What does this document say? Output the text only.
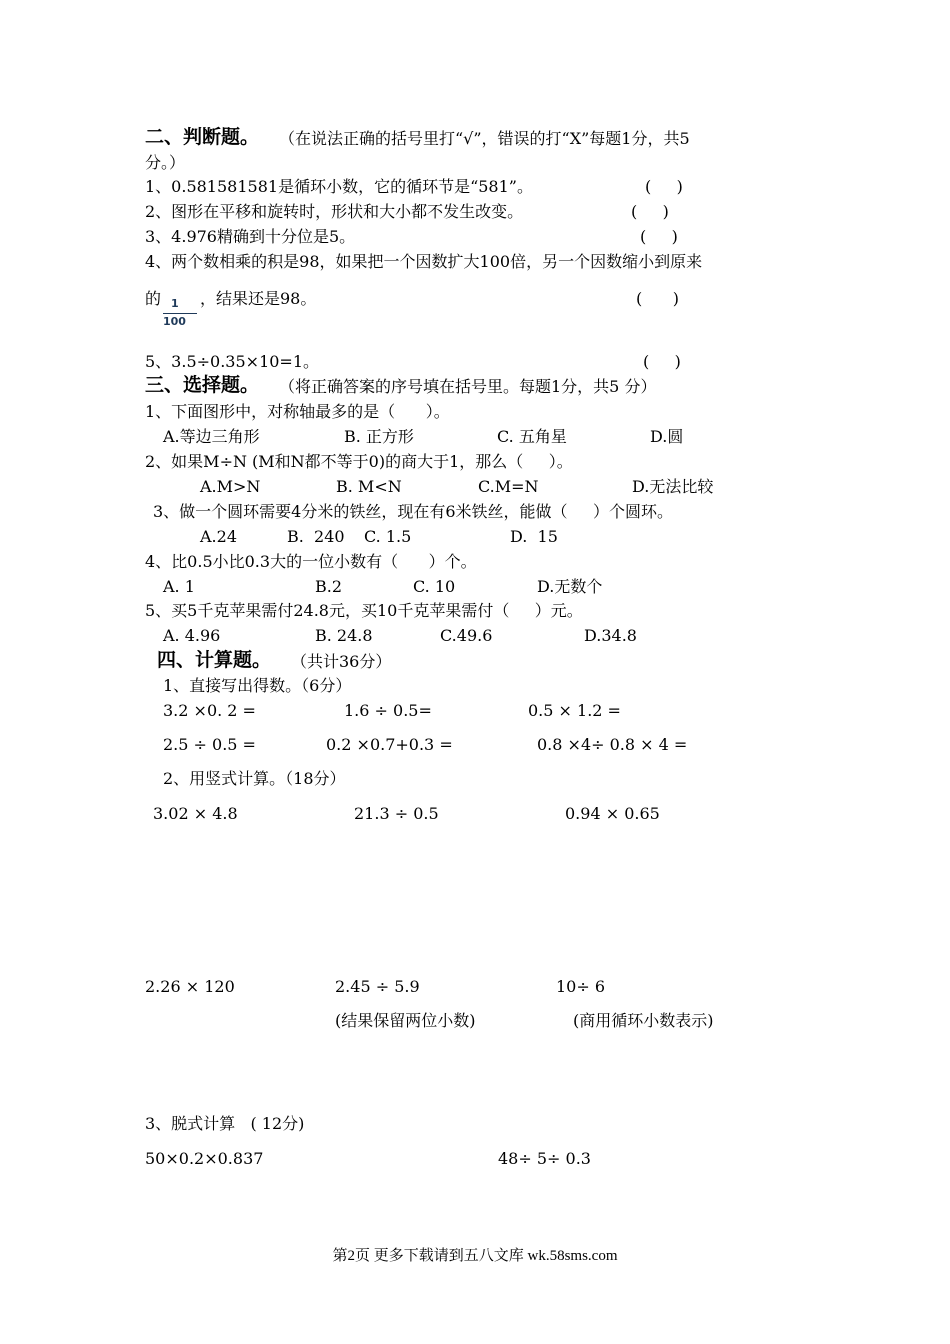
二、判断题。 （在说法正确的括号里打“√”，错误的打“X”每题1分，共5
分。）
1、0.581581581是循环小数，它的循环节是“581”。	(     )
2、图形在平移和旋转时，形状和大小都不发生改变。	(     )
3、4.976精确到十分位是5。	(     )
4、两个数相乘的积是98，如果把一个因数扩大100倍，另一个因数缩小到原来
的 1
100
，结果还是98。	(      )
5、3.5÷0.35×10=1。	(     )
三、选择题。 （将正确答案的序号填在括号里。每题1分，共5 分）
1、下面图形中，对称轴最多的是（      ）。
A.等边三角形	B. 正方形	C. 五角星	D.圆
2、如果M÷N (M和N都不等于0)的商大于1，那么（     ）。
A.M>N	B. M<N	C.M=N	D.无法比较
3、做一个圆环需要4分米的铁丝，现在有6米铁丝，能做（     ）个圆环。
A.24	B.  240 C. 1.5	D.  15
4、比0.5小比0.3大的一位小数有（      ）个。
A. 1	B.2	C. 10	D.无数个
5、买5千克苹果需付24.8元，买10千克苹果需付（     ）元。
A. 4.96	B. 24.8	C.49.6	D.34.8
四、计算题。 （共计36分）
1、直接写出得数。（6分）
3.2 ×0. 2 =	1.6 ÷ 0.5=	0.5 × 1.2 =
2.5 ÷ 0.5 =	0.2 ×0.7+0.3 =	0.8 ×4÷ 0.8 × 4 =
2、用竖式计算。（18分）
3.02 × 4.8	21.3 ÷ 0.5	0.94 × 0.65
2.26 × 120	2.45 ÷ 5.9	10÷ 6
(结果保留两位小数)	(商用循环小数表示)
3、脱式计算   ( 12分)
50×0.2×0.837	48÷ 5÷ 0.3
第2页 更多下载请到五八文库 wk.58sms.com
